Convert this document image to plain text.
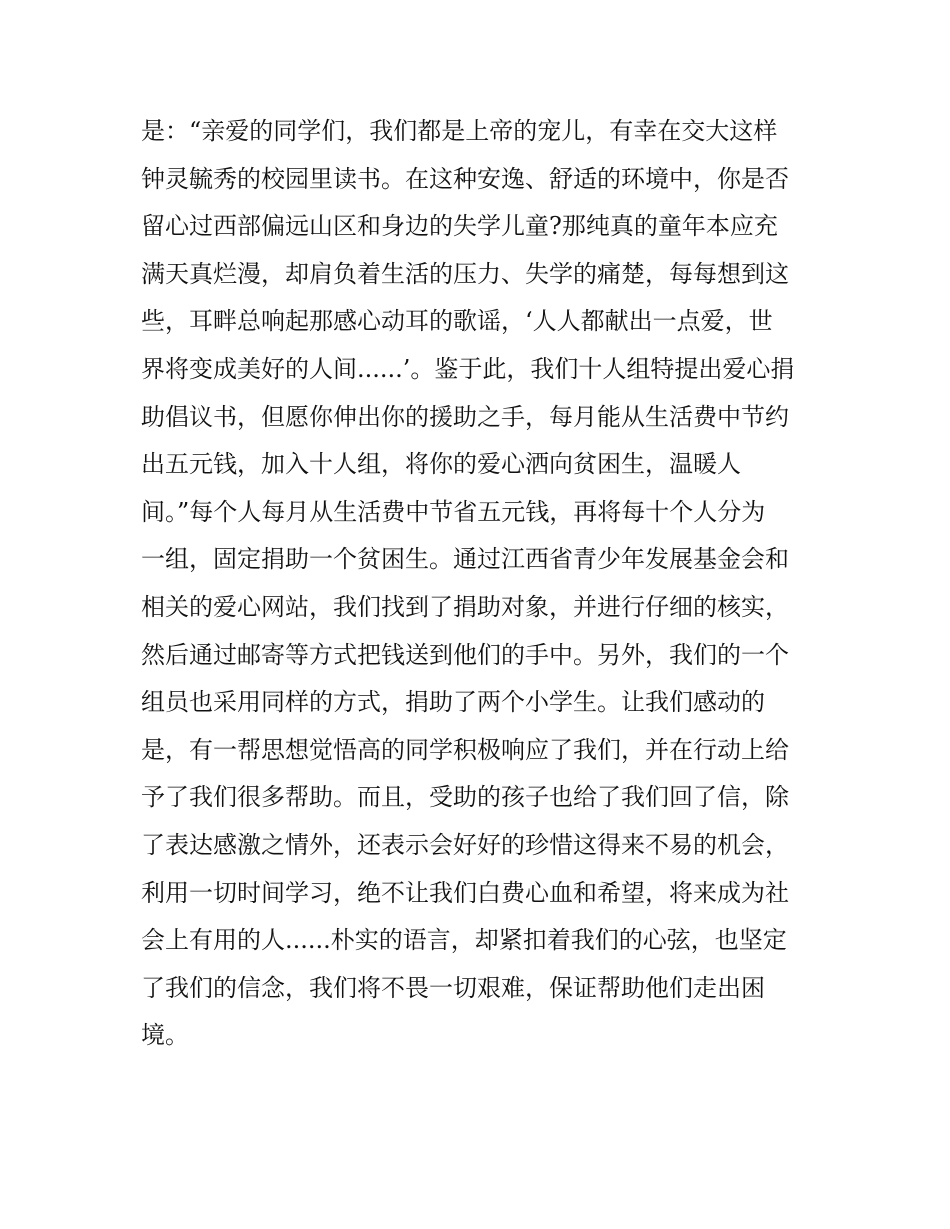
是：“亲爱的同学们，我们都是上帝的宠儿，有幸在交大这样
钟灵毓秀的校园里读书。在这种安逸、舒适的环境中，你是否
留心过西部偏远山区和身边的失学儿童?那纯真的童年本应充
满天真烂漫，却肩负着生活的压力、失学的痛楚，每每想到这
些，耳畔总响起那感心动耳的歌谣，‘人人都献出一点爱，世
界将变成美好的人间......’。鉴于此，我们十人组特提出爱心捐
助倡议书，但愿你伸出你的援助之手，每月能从生活费中节约
出五元钱，加入十人组，将你的爱心洒向贫困生，温暖人
间。”每个人每月从生活费中节省五元钱，再将每十个人分为
一组，固定捐助一个贫困生。通过江西省青少年发展基金会和
相关的爱心网站，我们找到了捐助对象，并进行仔细的核实，
然后通过邮寄等方式把钱送到他们的手中。另外，我们的一个
组员也采用同样的方式，捐助了两个小学生。让我们感动的
是，有一帮思想觉悟高的同学积极响应了我们，并在行动上给
予了我们很多帮助。而且，受助的孩子也给了我们回了信，除
了表达感激之情外，还表示会好好的珍惜这得来不易的机会，
利用一切时间学习，绝不让我们白费心血和希望，将来成为社
会上有用的人......朴实的语言，却紧扣着我们的心弦，也坚定
了我们的信念，我们将不畏一切艰难，保证帮助他们走出困
境。
